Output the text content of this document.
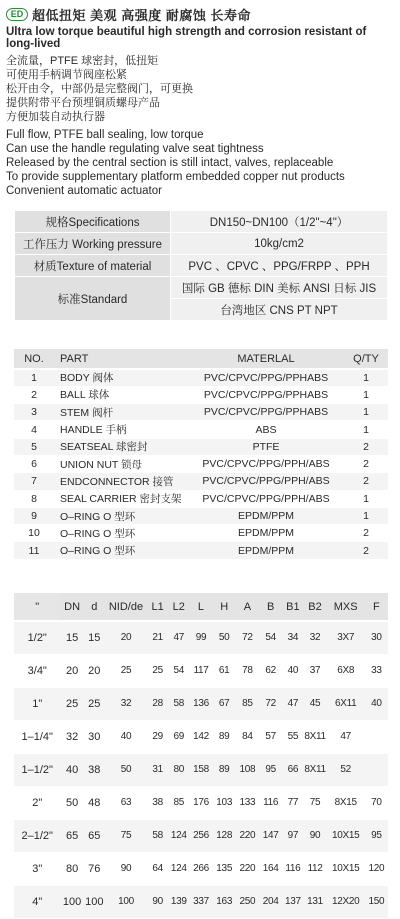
ED 超低扭矩 美观 高强度 耐腐蚀 长寿命
Ultra low torque beautiful high strength and corrosion resistant of long-lived
全流量，PTFE 球密封，低扭矩
可使用手柄调节阀座松紧
松开由令，中部仍是完整阀门，可更换
提供附带平台预埋铜质螺母产品
方便加装自动执行器
Full flow, PTFE ball sealing, low torque
Can use the handle regulating valve seat tightness
Released by the central section is still intact, valves, replaceable
To provide supplementary platform embedded copper nut products
Convenient automatic actuator
规格Specifications	DN150~DN100（1/2"~4"）
工作压力 Working pressure	10kg/cm2
材质Texture of material	PVC 、CPVC 、PPG/FRPP 、PPH
标准Standard	国际 GB 德标 DIN 美标 ANSI 日标 JIS
	台湾地区 CNS PT NPT
NO.	PART	MATERLAL	Q/TY
1	BODY 阀体	PVC/CPVC/PPG/PPHABS	1
2	BALL 球体	PVC/CPVC/PPG/PPHABS	1
3	STEM 阀杆	PVC/CPVC/PPG/PPHABS	1
4	HANDLE 手柄	ABS	1
5	SEATSEAL 球密封	PTFE	2
6	UNION NUT 锁母	PVC/CPVC/PPG/PPH/ABS	2
7	ENDCONNECTOR 接管	PVC/CPVC/PPG/PPH/ABS	2
8	SEAL CARRIER 密封支架	PVC/CPVC/PPG/PPH/ABS	1
9	O–RING O 型环	EPDM/PPM	1
10	O–RING O 型环	EPDM/PPM	2
11	O–RING O 型环	EPDM/PPM	2
"	DN	d	NID/de	L1	L2	L	H	A	B	B1	B2	MXS	F
1/2"	15	15	20	21	47	99	50	72	54	34	32	3X7	30
3/4"	20	20	25	25	54	117	61	78	62	40	37	6X8	33
1"	25	25	32	28	58	136	67	85	72	47	45	6X11	40
1–1/4"	32	30	40	29	69	142	89	84	57	55	8X11	47	
1–1/2"	40	38	50	31	80	158	89	108	95	66	8X11	52	
2"	50	48	63	38	85	176	103	133	116	77	75	8X15	70
2–1/2"	65	65	75	58	124	256	128	220	147	97	90	10X15	95
3"	80	76	90	64	124	266	135	220	164	116	112	10X15	120
4"	100	100	100	90	139	337	163	250	204	137	131	12X20	150
